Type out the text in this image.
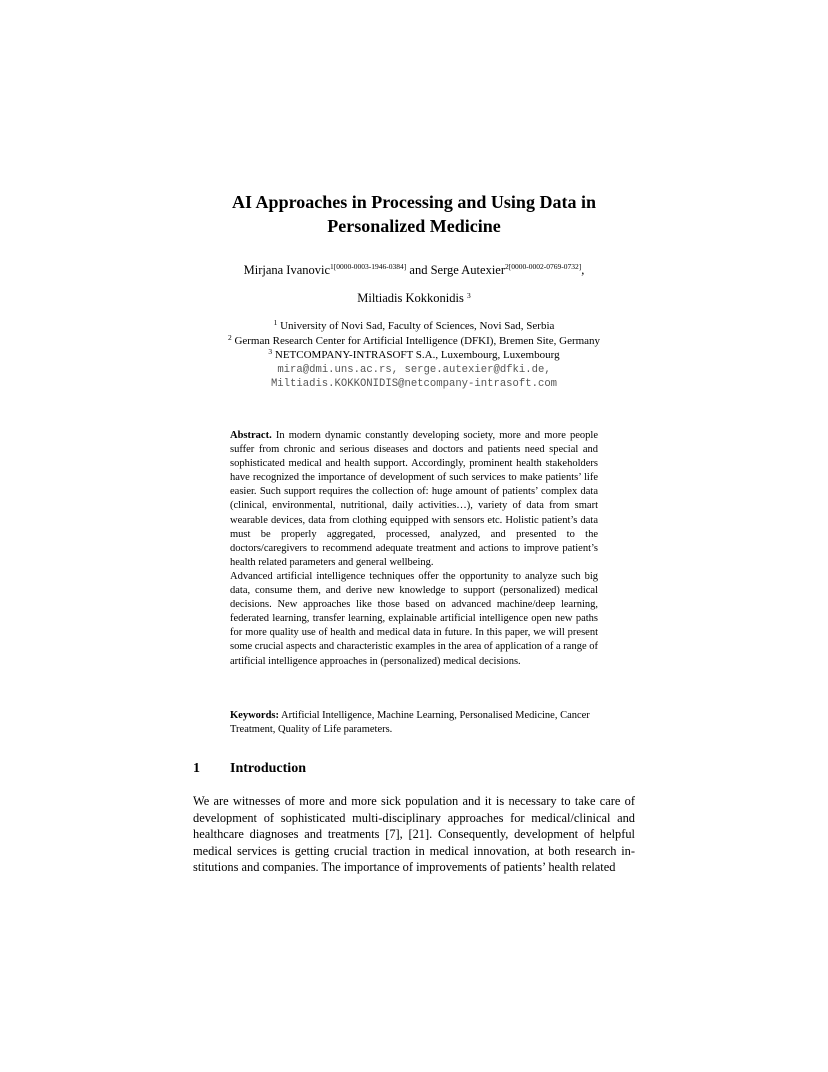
AI Approaches in Processing and Using Data in
Personalized Medicine
Mirjana Ivanovic$^{1[0000-0003-1946-0384]}$ and Serge Autexier$^{2[0000-0002-0769-0732]}$,
Miltiadis Kokkonidis $^3$
$^1$ University of Novi Sad, Faculty of Sciences, Novi Sad, Serbia
$^2$ German Research Center for Artificial Intelligence (DFKI), Bremen Site, Germany
$^3$ NETCOMPANY-INTRASOFT S.A., Luxembourg, Luxembourg
mira@dmi.uns.ac.rs, serge.autexier@dfki.de,
Miltiadis.KOKKONIDIS@netcompany-intrasoft.com

Abstract. In modern dynamic constantly developing society, more and more people suffer from chronic and serious diseases and doctors and patients need special and sophisticated medical and health support. Accordingly, prominent health stakeholders have recognized the importance of development of such services to make patients’ life easier. Such support requires the collection of: huge amount of patients’ complex data (clinical, environmental, nutritional, daily activities…), variety of data from smart wearable devices, data from clothing equipped with sensors etc. Holistic patient’s data must be properly aggregated, processed, analyzed, and presented to the doctors/caregivers to recommend adequate treatment and actions to improve patient’s health related parameters and general wellbeing.

Advanced artificial intelligence techniques offer the opportunity to analyze such big data, consume them, and derive new knowledge to support (personalized) medical decisions. New approaches like those based on advanced machine/deep learning, federated learning, transfer learning, explainable artificial intelligence open new paths for more quality use of health and medical data in future. In this paper, we will present some crucial aspects and characteristic examples in the area of application of a range of artificial intelligence approaches in (personalized) medical decisions.

Keywords: Artificial Intelligence, Machine Learning, Personalised Medicine, Cancer Treatment, Quality of Life parameters.
1 Introduction

We are witnesses of more and more sick population and it is necessary to take care of development of sophisticated multi-disciplinary approaches for medical/clinical and healthcare diagnoses and treatments [7], [21]. Consequently, development of helpful medical services is getting crucial traction in medical innovation, at both research institutions and companies. The importance of improvements of patients’ health related
